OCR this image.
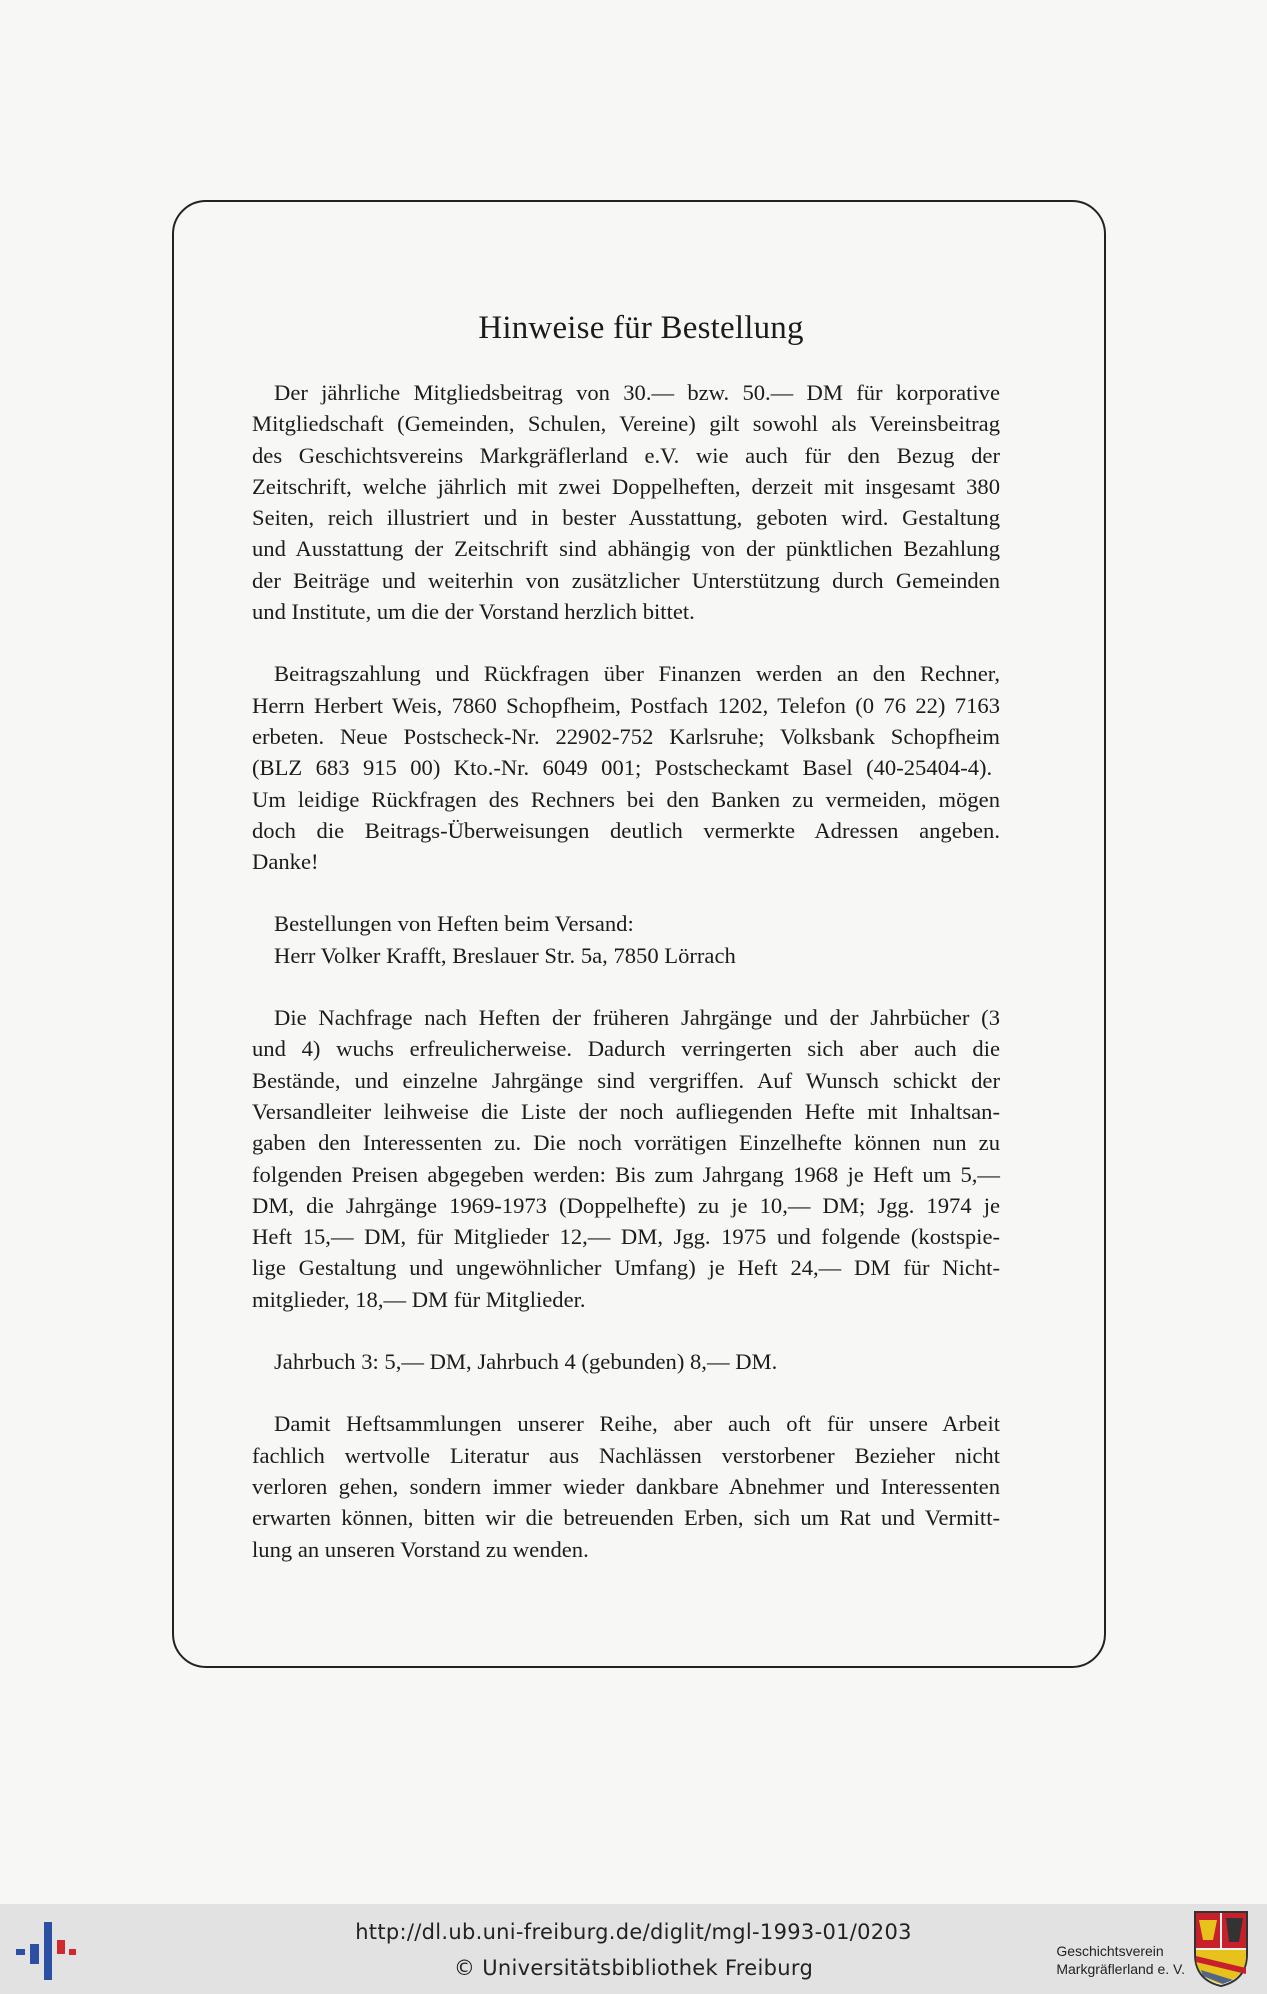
Hinweise für Bestellung
Der jährliche Mitgliedsbeitrag von 30.— bzw. 50.— DM für korporative
Mitgliedschaft (Gemeinden, Schulen, Vereine) gilt sowohl als Vereinsbeitrag
des Geschichtsvereins Markgräflerland e.V. wie auch für den Bezug der
Zeitschrift, welche jährlich mit zwei Doppelheften, derzeit mit insgesamt 380
Seiten, reich illustriert und in bester Ausstattung, geboten wird. Gestaltung
und Ausstattung der Zeitschrift sind abhängig von der pünktlichen Bezahlung
der Beiträge und weiterhin von zusätzlicher Unterstützung durch Gemeinden
und Institute, um die der Vorstand herzlich bittet.
Beitragszahlung und Rückfragen über Finanzen werden an den Rechner,
Herrn Herbert Weis, 7860 Schopfheim, Postfach 1202, Telefon (0 76 22) 7163
erbeten. Neue Postscheck-Nr. 22902-752 Karlsruhe; Volksbank Schopfheim
(BLZ 683 915 00) Kto.-Nr. 6049 001; Postscheckamt Basel (40-25404-4).
Um leidige Rückfragen des Rechners bei den Banken zu vermeiden, mögen
doch die Beitrags-Überweisungen deutlich vermerkte Adressen angeben.
Danke!
Bestellungen von Heften beim Versand:
Herr Volker Krafft, Breslauer Str. 5a, 7850 Lörrach
Die Nachfrage nach Heften der früheren Jahrgänge und der Jahrbücher (3
und 4) wuchs erfreulicherweise. Dadurch verringerten sich aber auch die
Bestände, und einzelne Jahrgänge sind vergriffen. Auf Wunsch schickt der
Versandleiter leihweise die Liste der noch aufliegenden Hefte mit Inhaltsan-
gaben den Interessenten zu. Die noch vorrätigen Einzelhefte können nun zu
folgenden Preisen abgegeben werden: Bis zum Jahrgang 1968 je Heft um 5,—
DM, die Jahrgänge 1969-1973 (Doppelhefte) zu je 10,— DM; Jgg. 1974 je
Heft 15,— DM, für Mitglieder 12,— DM, Jgg. 1975 und folgende (kostspie-
lige Gestaltung und ungewöhnlicher Umfang) je Heft 24,— DM für Nicht-
mitglieder, 18,— DM für Mitglieder.
Jahrbuch 3: 5,— DM, Jahrbuch 4 (gebunden) 8,— DM.
Damit Heftsammlungen unserer Reihe, aber auch oft für unsere Arbeit
fachlich wertvolle Literatur aus Nachlässen verstorbener Bezieher nicht
verloren gehen, sondern immer wieder dankbare Abnehmer und Interessenten
erwarten können, bitten wir die betreuenden Erben, sich um Rat und Vermitt-
lung an unseren Vorstand zu wenden.
http://dl.ub.uni-freiburg.de/diglit/mgl-1993-01/0203
© Universitätsbibliothek Freiburg
Geschichtsverein
Markgräflerland e. V.
